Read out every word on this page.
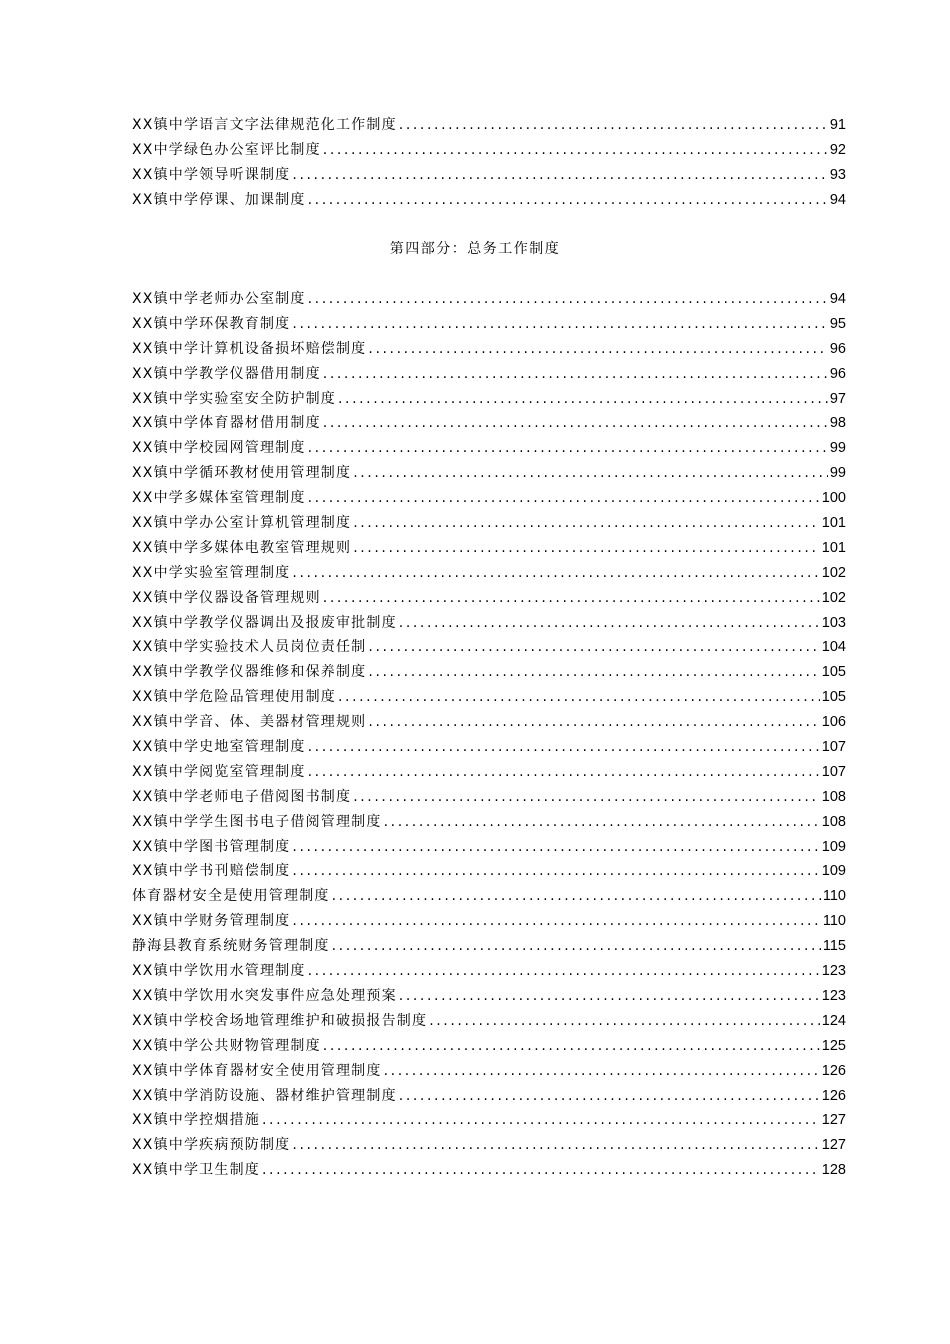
XX镇中学语言文字法律规范化工作制度 .....	91
XX中学绿色办公室评比制度 .....	92
XX镇中学领导听课制度 .....	93
XX镇中学停课、加课制度 .....	94
第四部分：总务工作制度
XX镇中学老师办公室制度 .....	94
XX镇中学环保教育制度 .....	95
XX镇中学计算机设备损坏赔偿制度 .....	96
XX镇中学教学仪器借用制度 .....	96
XX镇中学实验室安全防护制度 .....	97
XX镇中学体育器材借用制度 .....	98
XX镇中学校园网管理制度 .....	99
XX镇中学循环教材使用管理制度 .....	99
XX中学多媒体室管理制度 .....	100
XX镇中学办公室计算机管理制度 .....	101
XX镇中学多媒体电教室管理规则 .....	101
XX中学实验室管理制度 .....	102
XX镇中学仪器设备管理规则 .....	102
XX镇中学教学仪器调出及报废审批制度 .....	103
XX镇中学实验技术人员岗位责任制 .....	104
XX镇中学教学仪器维修和保养制度 .....	105
XX镇中学危险品管理使用制度 .....	105
XX镇中学音、体、美器材管理规则 .....	106
XX镇中学史地室管理制度 .....	107
XX镇中学阅览室管理制度 .....	107
XX镇中学老师电子借阅图书制度 .....	108
XX镇中学学生图书电子借阅管理制度 .....	108
XX镇中学图书管理制度 .....	109
XX镇中学书刊赔偿制度 .....	109
体育器材安全是使用管理制度 .....	110
XX镇中学财务管理制度 .....	110
静海县教育系统财务管理制度 .....	115
XX镇中学饮用水管理制度 .....	123
XX镇中学饮用水突发事件应急处理预案 .....	123
XX镇中学校舍场地管理维护和破损报告制度 .....	124
XX镇中学公共财物管理制度 .....	125
XX镇中学体育器材安全使用管理制度 .....	126
XX镇中学消防设施、器材维护管理制度 .....	126
XX镇中学控烟措施 .....	127
XX镇中学疾病预防制度 .....	127
XX镇中学卫生制度 .....	128
